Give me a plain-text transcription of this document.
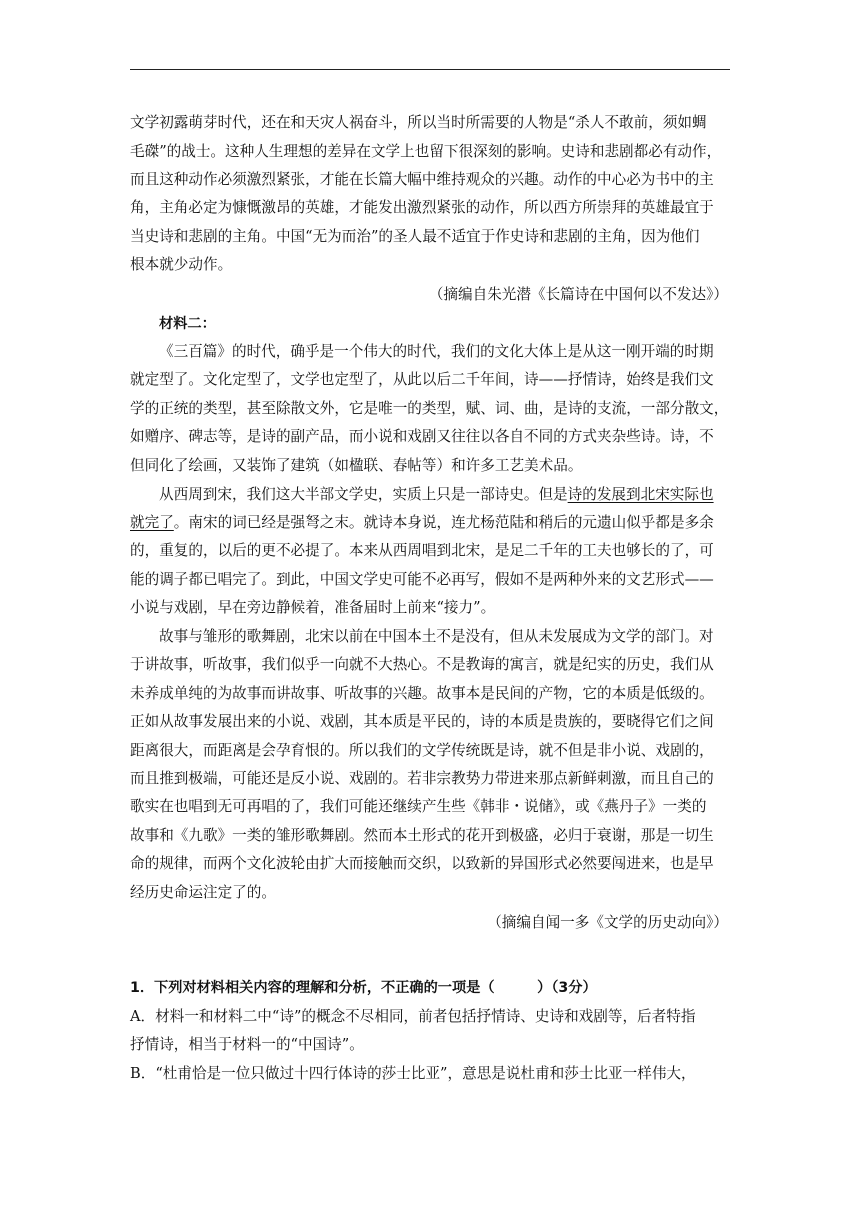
文学初露萌芽时代，还在和天灾人祸奋斗，所以当时所需要的人物是“杀人不敢前，须如蜩
毛磔”的战士。这种人生理想的差异在文学上也留下很深刻的影响。史诗和悲剧都必有动作，
而且这种动作必须激烈紧张，才能在长篇大幅中维持观众的兴趣。动作的中心必为书中的主
角，主角必定为慷慨激昂的英雄，才能发出激烈紧张的动作，所以西方所崇拜的英雄最宜于
当史诗和悲剧的主角。中国“无为而治”的圣人最不适宜于作史诗和悲剧的主角，因为他们
根本就少动作。
（摘编自朱光潜《长篇诗在中国何以不发达》）
材料二：
《三百篇》的时代，确乎是一个伟大的时代，我们的文化大体上是从这一刚开端的时期
就定型了。文化定型了，文学也定型了，从此以后二千年间，诗——抒情诗，始终是我们文
学的正统的类型，甚至除散文外，它是唯一的类型，赋、词、曲，是诗的支流，一部分散文，
如赠序、碑志等，是诗的副产品，而小说和戏剧又往往以各自不同的方式夹杂些诗。诗，不
但同化了绘画，又装饰了建筑（如楹联、春帖等）和许多工艺美术品。
从西周到宋，我们这大半部文学史，实质上只是一部诗史。但是诗的发展到北宋实际也
就完了。南宋的词已经是强弩之末。就诗本身说，连尤杨范陆和稍后的元遗山似乎都是多余
的，重复的，以后的更不必提了。本来从西周唱到北宋，是足二千年的工夫也够长的了，可
能的调子都已唱完了。到此，中国文学史可能不必再写，假如不是两种外来的文艺形式——
小说与戏剧，早在旁边静候着，准备届时上前来“接力”。
故事与雏形的歌舞剧，北宋以前在中国本土不是没有，但从未发展成为文学的部门。对
于讲故事，听故事，我们似乎一向就不大热心。不是教诲的寓言，就是纪实的历史，我们从
未养成单纯的为故事而讲故事、听故事的兴趣。故事本是民间的产物，它的本质是低级的。
正如从故事发展出来的小说、戏剧，其本质是平民的，诗的本质是贵族的，要晓得它们之间
距离很大，而距离是会孕育恨的。所以我们的文学传统既是诗，就不但是非小说、戏剧的，
而且推到极端，可能还是反小说、戏剧的。若非宗教势力带进来那点新鲜刺激，而且自己的
歌实在也唱到无可再唱的了，我们可能还继续产生些《韩非・说储》，或《燕丹子》一类的
故事和《九歌》一类的雏形歌舞剧。然而本土形式的花开到极盛，必归于衰谢，那是一切生
命的规律，而两个文化波轮由扩大而接触而交织，以致新的异国形式必然要闯进来，也是早
经历史命运注定了的。
（摘编自闻一多《文学的历史动向》）
1．下列对材料相关内容的理解和分析，不正确的一项是（　　　）（3分）
A．材料一和材料二中“诗”的概念不尽相同，前者包括抒情诗、史诗和戏剧等，后者特指
抒情诗，相当于材料一的“中国诗”。
B．“杜甫恰是一位只做过十四行体诗的莎士比亚”，意思是说杜甫和莎士比亚一样伟大，
